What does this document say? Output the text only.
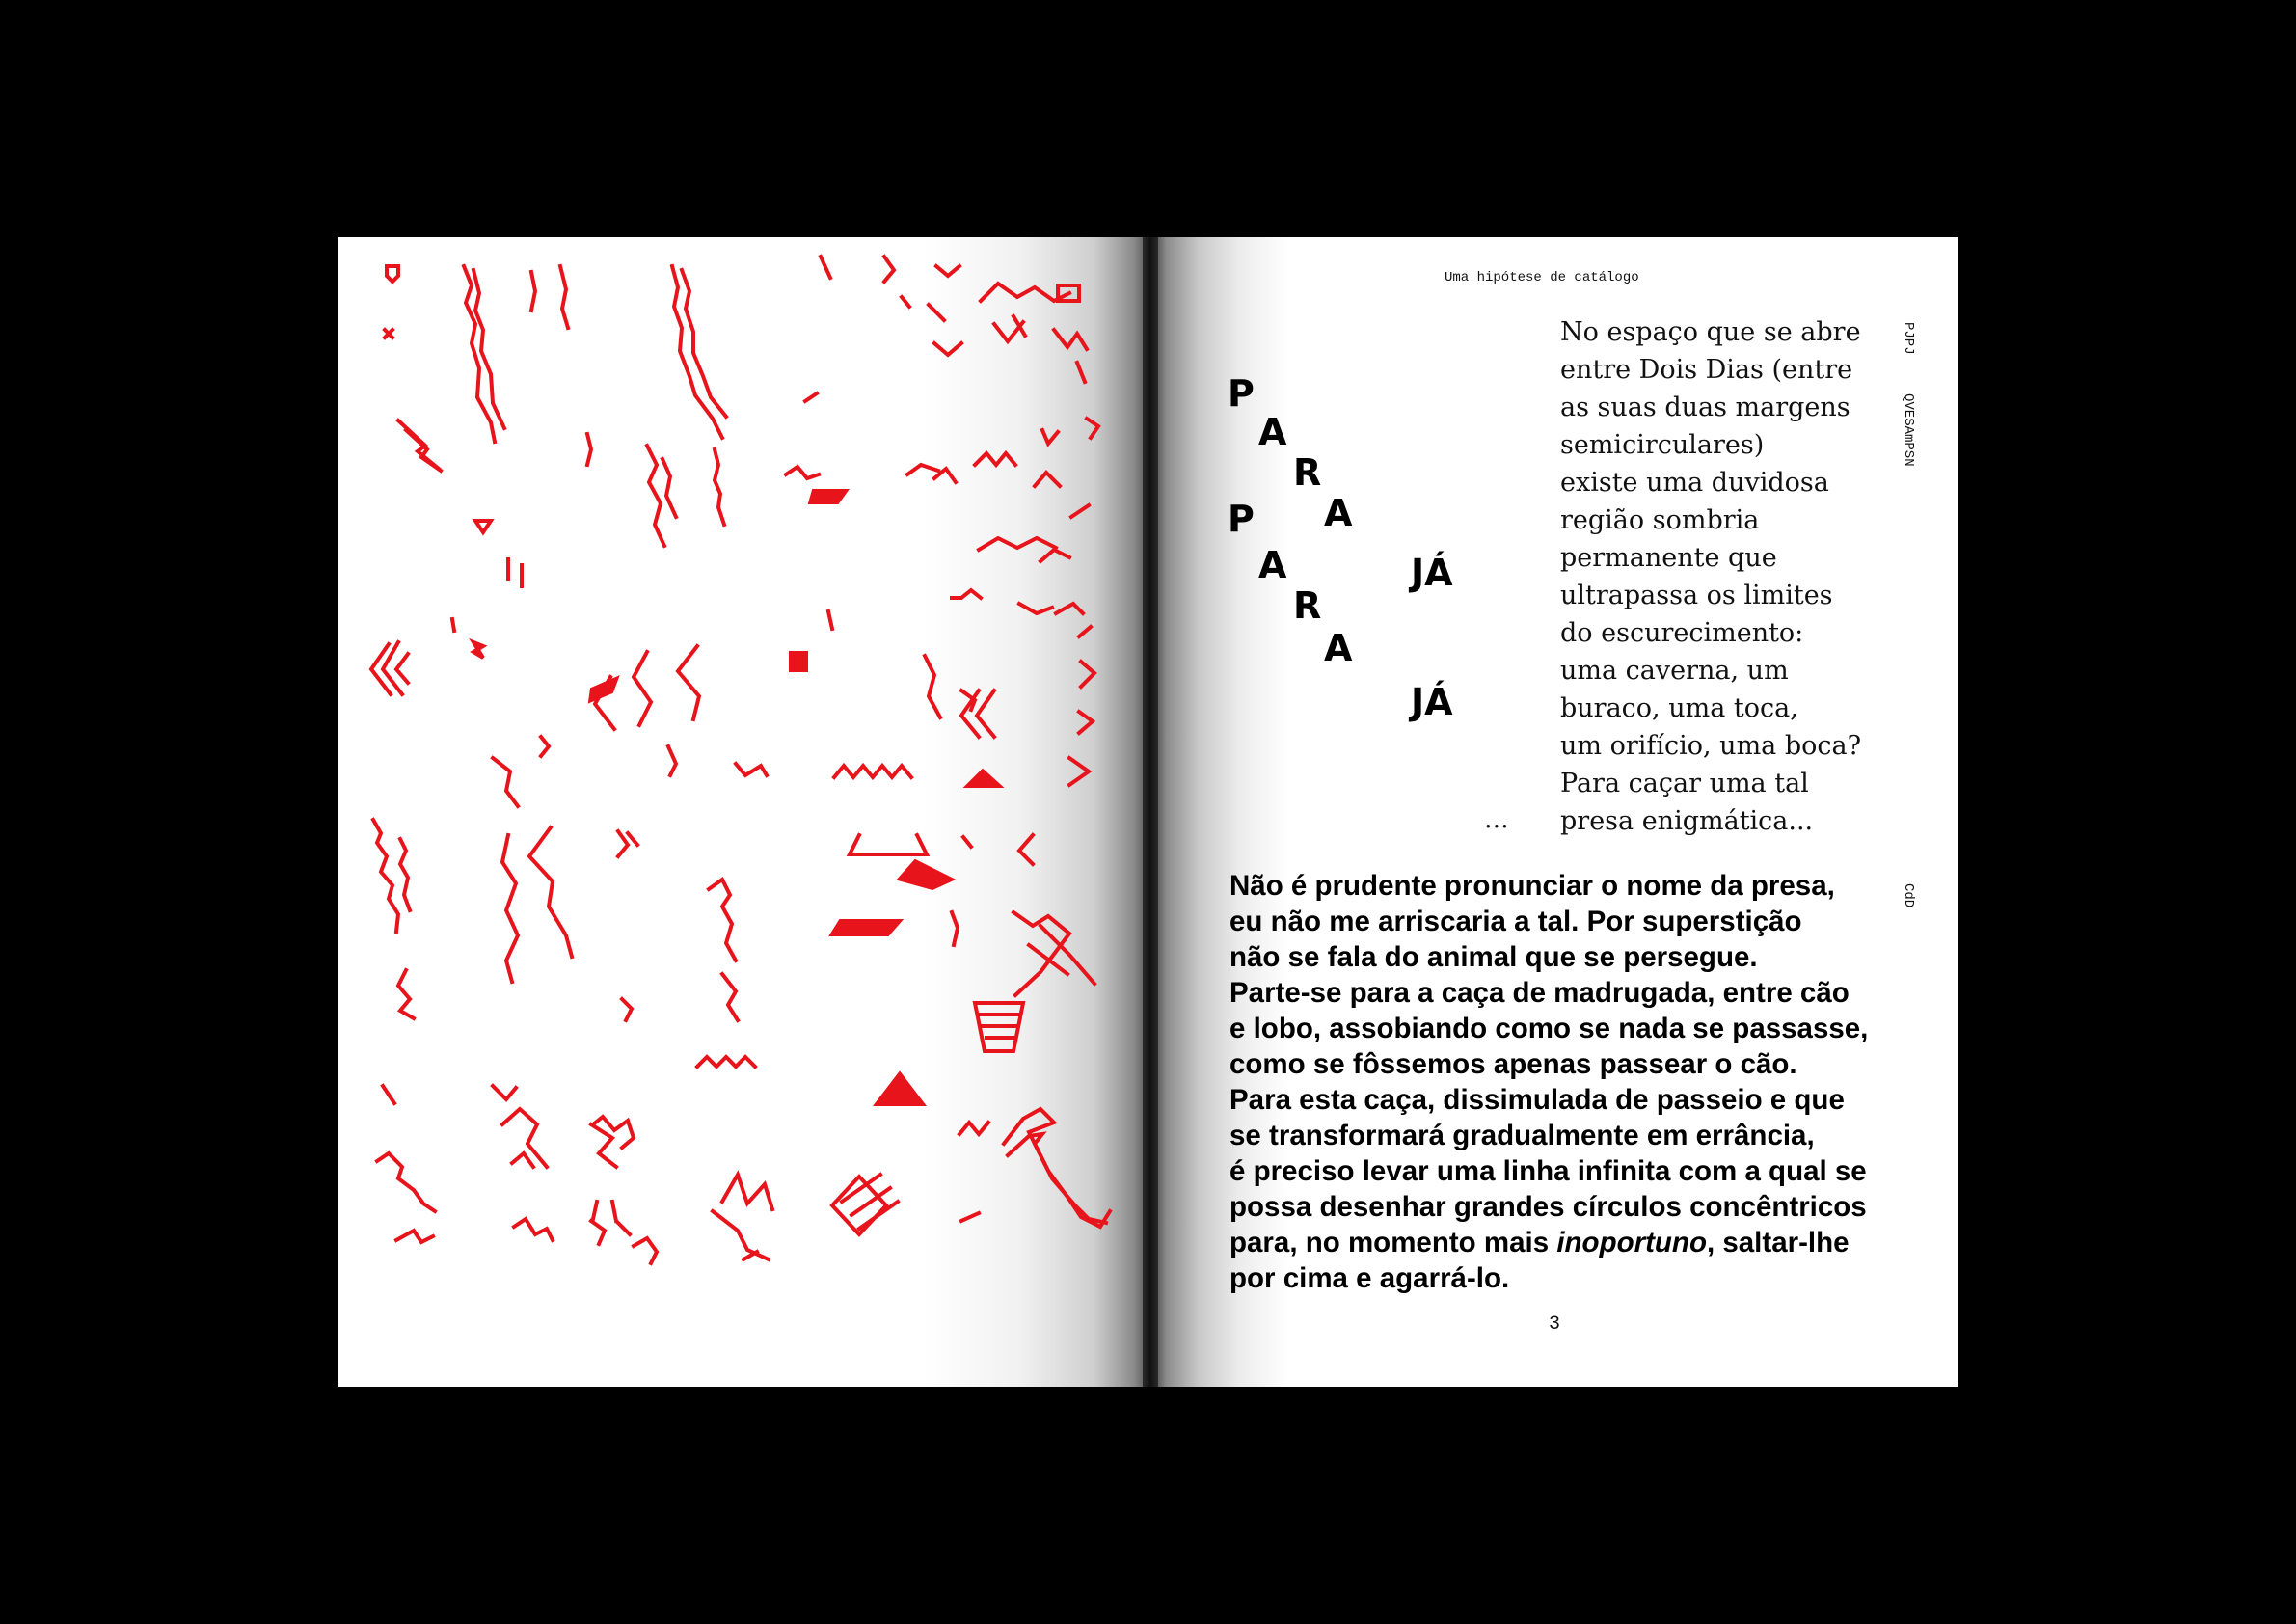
Uma hipótese de catálogo
PJPJ
QVESAmPSN
CdD
P
A
R
P A
A
R
A
JÁ
JÁ
...
No espaço que se abre
entre Dois Dias (entre
as suas duas margens
semicirculares)
existe uma duvidosa
região sombria
permanente que
ultrapassa os limites
do escurecimento:
uma caverna, um
buraco, uma toca,
um orifício, uma boca?
Para caçar uma tal
presa enigmática...
Não é prudente pronunciar o nome da presa,
eu não me arriscaria a tal. Por superstição
não se fala do animal que se persegue.
Parte-se para a caça de madrugada, entre cão
e lobo, assobiando como se nada se passasse,
como se fôssemos apenas passear o cão.
Para esta caça, dissimulada de passeio e que
se transformará gradualmente em errância,
é preciso levar uma linha infinita com a qual se
possa desenhar grandes círculos concêntricos
para, no momento mais inoportuno, saltar-lhe
por cima e agarrá-lo.
3
